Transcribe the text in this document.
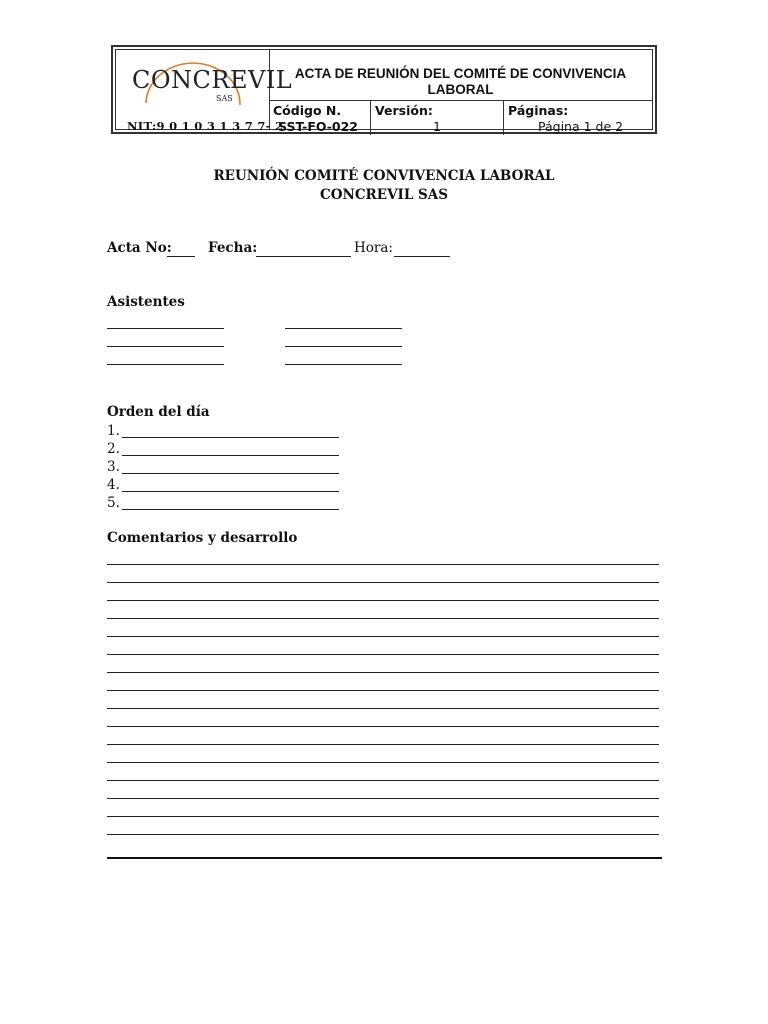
CONCREVIL
SAS
NIT:9 0 1 0 3 1 3 7 7- 2
ACTA DE REUNIÓN DEL COMITÉ DE CONVIVENCIA
LABORAL
Código N.
SST-FO-022
Versión:
1
Páginas:
Página 1 de 2
REUNIÓN COMITÉ CONVIVENCIA LABORAL
CONCREVIL SAS
Acta No:	Fecha:	Hora:
Asistentes
Orden del día
1.
2.
3.
4.
5.
Comentarios y desarrollo
